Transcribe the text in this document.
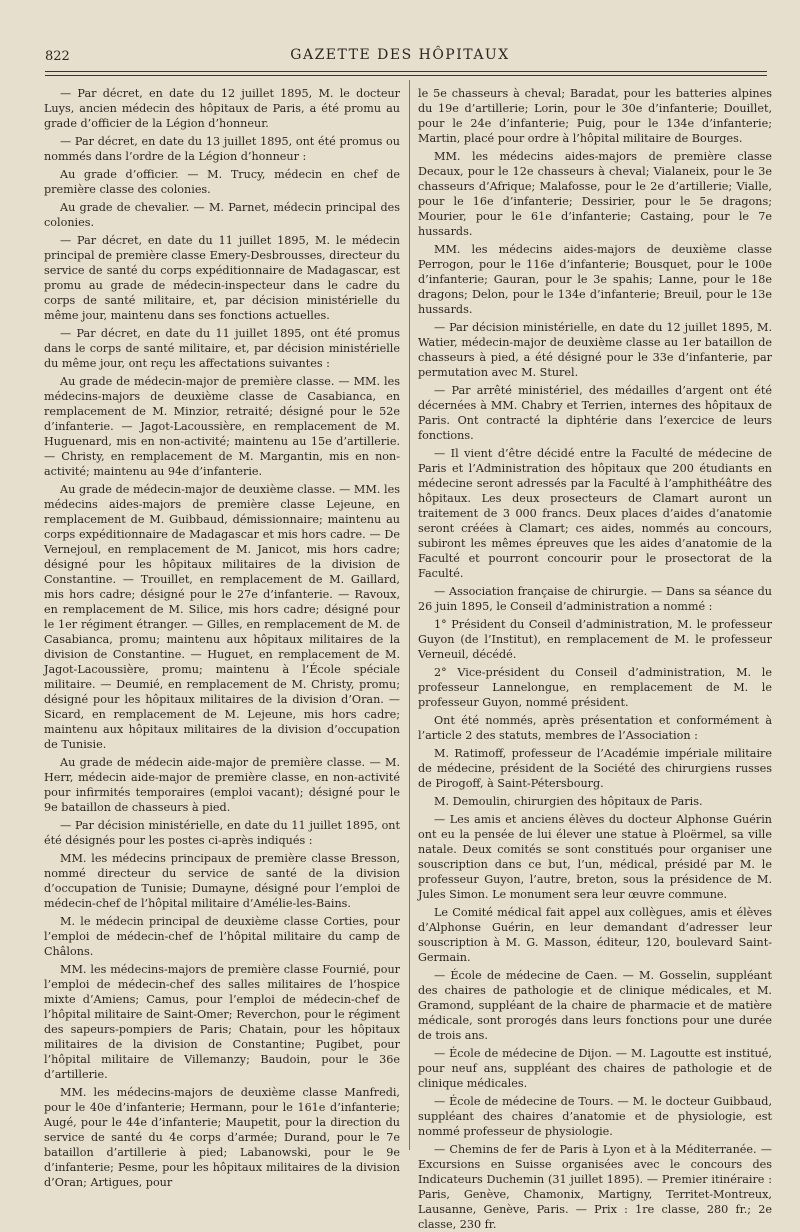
822	GAZETTE DES HÔPITAUX

— Par décret, en date du 12 juillet 1895, M. le docteur Luys, ancien médecin des hôpitaux de Paris, a été promu au grade d’officier de la Légion d’honneur.

— Par décret, en date du 13 juillet 1895, ont été promus ou nommés dans l’ordre de la Légion d’honneur :

Au grade d’officier. — M. Trucy, médecin en chef de première classe des colonies.

Au grade de chevalier. — M. Parnet, médecin principal des colonies.

— Par décret, en date du 11 juillet 1895, M. le médecin principal de première classe Emery-Desbrousses, directeur du service de santé du corps expéditionnaire de Madagascar, est promu au grade de médecin-inspecteur dans le cadre du corps de santé militaire, et, par décision ministérielle du même jour, maintenu dans ses fonctions actuelles.

— Par décret, en date du 11 juillet 1895, ont été promus dans le corps de santé militaire, et, par décision ministérielle du même jour, ont reçu les affectations suivantes :

Au grade de médecin-major de première classe. — MM. les médecins-majors de deuxième classe de Casabianca, en remplacement de M. Minzior, retraité; désigné pour le 52e d’infanterie. — Jagot-Lacoussière, en remplacement de M. Huguenard, mis en non-activité; maintenu au 15e d’artillerie. — Christy, en remplacement de M. Margantin, mis en non-activité; maintenu au 94e d’infanterie.

Au grade de médecin-major de deuxième classe. — MM. les médecins aides-majors de première classe Lejeune, en remplacement de M. Guibbaud, démissionnaire; maintenu au corps expéditionnaire de Madagascar et mis hors cadre. — De Vernejoul, en remplacement de M. Janicot, mis hors cadre; désigné pour les hôpitaux militaires de la division de Constantine. — Trouillet, en remplacement de M. Gaillard, mis hors cadre; désigné pour le 27e d’infanterie. — Ravoux, en remplacement de M. Silice, mis hors cadre; désigné pour le 1er régiment étranger. — Gilles, en remplacement de M. de Casabianca, promu; maintenu aux hôpitaux militaires de la division de Constantine. — Huguet, en remplacement de M. Jagot-Lacoussière, promu; maintenu à l’École spéciale militaire. — Deumié, en remplacement de M. Christy, promu; désigné pour les hôpitaux militaires de la division d’Oran. — Sicard, en remplacement de M. Lejeune, mis hors cadre; maintenu aux hôpitaux militaires de la division d’occupation de Tunisie.

Au grade de médecin aide-major de première classe. — M. Herr, médecin aide-major de première classe, en non-activité pour infirmités temporaires (emploi vacant); désigné pour le 9e bataillon de chasseurs à pied.

— Par décision ministérielle, en date du 11 juillet 1895, ont été désignés pour les postes ci-après indiqués :

MM. les médecins principaux de première classe Bresson, nommé directeur du service de santé de la division d’occupation de Tunisie; Dumayne, désigné pour l’emploi de médecin-chef de l’hôpital militaire d’Amélie-les-Bains.

M. le médecin principal de deuxième classe Corties, pour l’emploi de médecin-chef de l’hôpital militaire du camp de Châlons.

MM. les médecins-majors de première classe Fournié, pour l’emploi de médecin-chef des salles militaires de l’hospice mixte d’Amiens; Camus, pour l’emploi de médecin-chef de l’hôpital militaire de Saint-Omer; Reverchon, pour le régiment des sapeurs-pompiers de Paris; Chatain, pour les hôpitaux militaires de la division de Constantine; Pugibet, pour l’hôpital militaire de Villemanzy; Baudoin, pour le 36e d’artillerie.

MM. les médecins-majors de deuxième classe Manfredi, pour le 40e d’infanterie; Hermann, pour le 161e d’infanterie; Augé, pour le 44e d’infanterie; Maupetit, pour la direction du service de santé du 4e corps d’armée; Durand, pour le 7e bataillon d’artillerie à pied; Labanowski, pour le 9e d’infanterie; Pesme, pour les hôpitaux militaires de la division d’Oran; Artigues, pour

le 5e chasseurs à cheval; Baradat, pour les batteries alpines du 19e d’artillerie; Lorin, pour le 30e d’infanterie; Douillet, pour le 24e d’infanterie; Puig, pour le 134e d’infanterie; Martin, placé pour ordre à l’hôpital militaire de Bourges.

MM. les médecins aides-majors de première classe Decaux, pour le 12e chasseurs à cheval; Vialaneix, pour le 3e chasseurs d’Afrique; Malafosse, pour le 2e d’artillerie; Vialle, pour le 16e d’infanterie; Dessirier, pour le 5e dragons; Mourier, pour le 61e d’infanterie; Castaing, pour le 7e hussards.

MM. les médecins aides-majors de deuxième classe Perrogon, pour le 116e d’infanterie; Bousquet, pour le 100e d’infanterie; Gauran, pour le 3e spahis; Lanne, pour le 18e dragons; Delon, pour le 134e d’infanterie; Breuil, pour le 13e hussards.

— Par décision ministérielle, en date du 12 juillet 1895, M. Watier, médecin-major de deuxième classe au 1er bataillon de chasseurs à pied, a été désigné pour le 33e d’infanterie, par permutation avec M. Sturel.

— Par arrêté ministériel, des médailles d’argent ont été décernées à MM. Chabry et Terrien, internes des hôpitaux de Paris. Ont contracté la diphtérie dans l’exercice de leurs fonctions.

— Il vient d’être décidé entre la Faculté de médecine de Paris et l’Administration des hôpitaux que 200 étudiants en médecine seront adressés par la Faculté à l’amphithéâtre des hôpitaux. Les deux prosecteurs de Clamart auront un traitement de 3 000 francs. Deux places d’aides d’anatomie seront créées à Clamart; ces aides, nommés au concours, subiront les mêmes épreuves que les aides d’anatomie de la Faculté et pourront concourir pour le prosectorat de la Faculté.

— Association française de chirurgie. — Dans sa séance du 26 juin 1895, le Conseil d’administration a nommé :

1° Président du Conseil d’administration, M. le professeur Guyon (de l’Institut), en remplacement de M. le professeur Verneuil, décédé.

2° Vice-président du Conseil d’administration, M. le professeur Lannelongue, en remplacement de M. le professeur Guyon, nommé président.

Ont été nommés, après présentation et conformément à l’article 2 des statuts, membres de l’Association :

M. Ratimoff, professeur de l’Académie impériale militaire de médecine, président de la Société des chirurgiens russes de Pirogoff, à Saint-Pétersbourg.

M. Demoulin, chirurgien des hôpitaux de Paris.

— Les amis et anciens élèves du docteur Alphonse Guérin ont eu la pensée de lui élever une statue à Ploërmel, sa ville natale. Deux comités se sont constitués pour organiser une souscription dans ce but, l’un, médical, présidé par M. le professeur Guyon, l’autre, breton, sous la présidence de M. Jules Simon. Le monument sera leur œuvre commune.

Le Comité médical fait appel aux collègues, amis et élèves d’Alphonse Guérin, en leur demandant d’adresser leur souscription à M. G. Masson, éditeur, 120, boulevard Saint-Germain.

— École de médecine de Caen. — M. Gosselin, suppléant des chaires de pathologie et de clinique médicales, et M. Gramond, suppléant de la chaire de pharmacie et de matière médicale, sont prorogés dans leurs fonctions pour une durée de trois ans.

— École de médecine de Dijon. — M. Lagoutte est institué, pour neuf ans, suppléant des chaires de pathologie et de clinique médicales.

— École de médecine de Tours. — M. le docteur Guibbaud, suppléant des chaires d’anatomie et de physiologie, est nommé professeur de physiologie.

— Chemins de fer de Paris à Lyon et à la Méditerranée. — Excursions en Suisse organisées avec le concours des Indicateurs Duchemin (31 juillet 1895). — Premier itinéraire : Paris, Genève, Chamonix, Martigny, Territet-Montreux, Lausanne, Genève, Paris. — Prix : 1re classe, 280 fr.; 2e classe, 230 fr.
